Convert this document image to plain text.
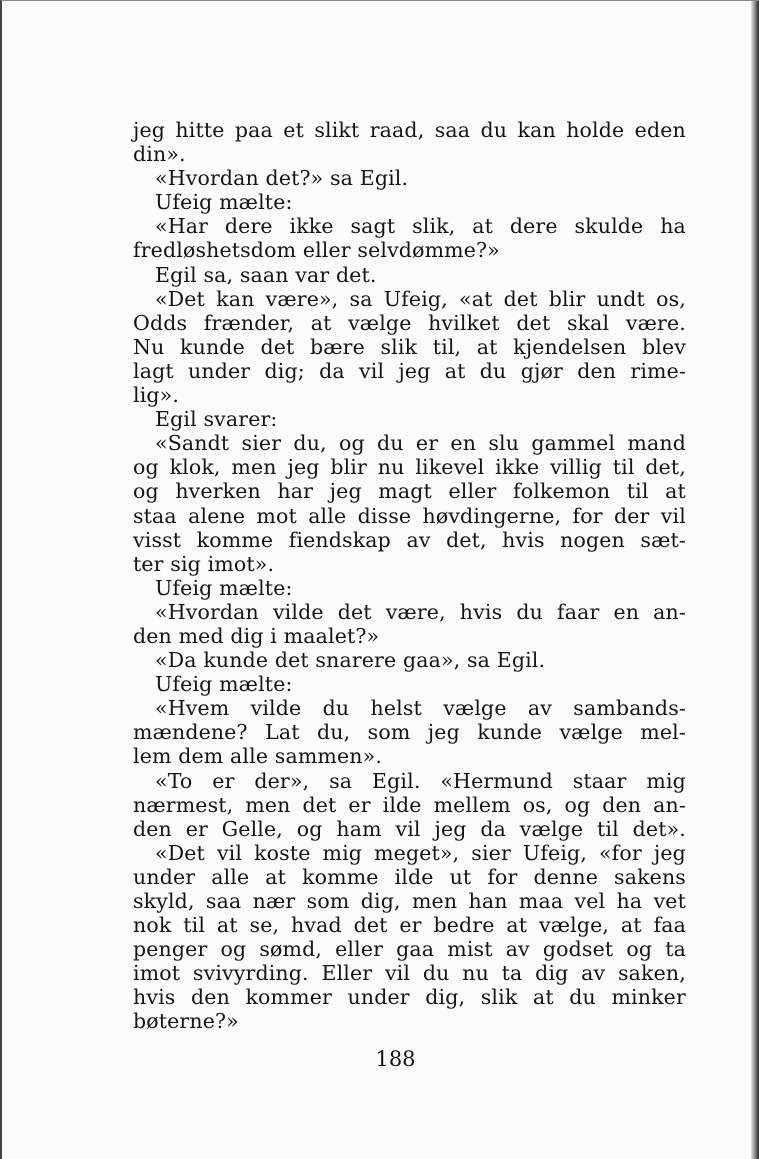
jeg hitte paa et slikt raad, saa du kan holde eden
din».
«Hvordan det?» sa Egil.
Ufeig mælte:
«Har dere ikke sagt slik, at dere skulde ha
fredløshetsdom eller selvdømme?»
Egil sa, saan var det.
«Det kan være», sa Ufeig, «at det blir undt os,
Odds frænder, at vælge hvilket det skal være.
Nu kunde det bære slik til, at kjendelsen blev
lagt under dig; da vil jeg at du gjør den rime-
lig».
Egil svarer:
«Sandt sier du, og du er en slu gammel mand
og klok, men jeg blir nu likevel ikke villig til det,
og hverken har jeg magt eller folkemon til at
staa alene mot alle disse høvdingerne, for der vil
visst komme fiendskap av det, hvis nogen sæt-
ter sig imot».
Ufeig mælte:
«Hvordan vilde det være, hvis du faar en an-
den med dig i maalet?»
«Da kunde det snarere gaa», sa Egil.
Ufeig mælte:
«Hvem vilde du helst vælge av sambands-
mændene? Lat du, som jeg kunde vælge mel-
lem dem alle sammen».
«To er der», sa Egil. «Hermund staar mig
nærmest, men det er ilde mellem os, og den an-
den er Gelle, og ham vil jeg da vælge til det».
«Det vil koste mig meget», sier Ufeig, «for jeg
under alle at komme ilde ut for denne sakens
skyld, saa nær som dig, men han maa vel ha vet
nok til at se, hvad det er bedre at vælge, at faa
penger og sømd, eller gaa mist av godset og ta
imot svivyrding. Eller vil du nu ta dig av saken,
hvis den kommer under dig, slik at du minker
bøterne?»
188
